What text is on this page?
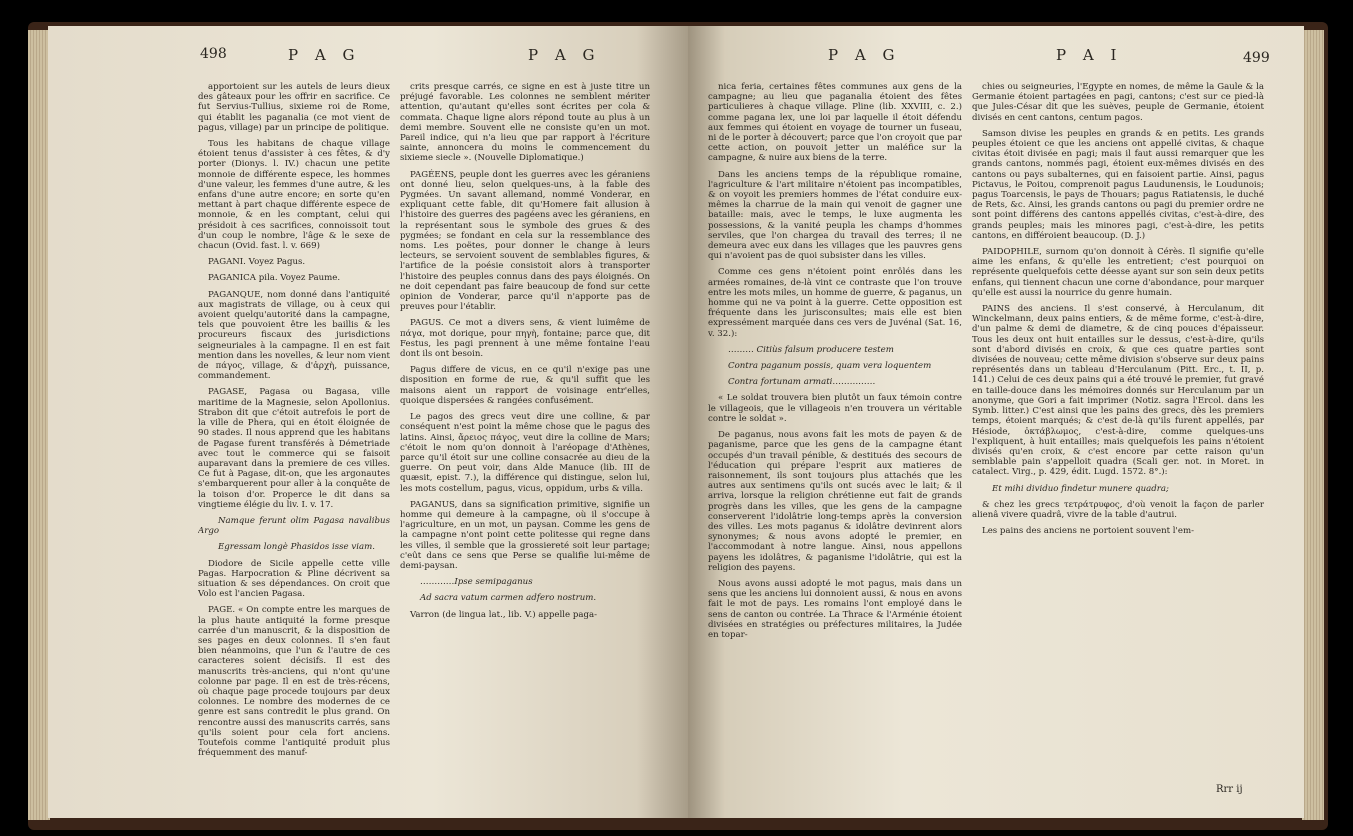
498	P A G	P A G

apportoient sur les autels de leurs dieux des gâteaux pour les offrir en sacrifice. Ce fut Servius-Tullius, sixieme roi de Rome, qui établit les paganalia (ce mot vient de pagus, village) par un principe de politique.

Tous les habitans de chaque village étoient tenus d'assister à ces fêtes, & d'y porter (Dionys. l. IV.) chacun une petite monnoie de différente espece, les hommes d'une valeur, les femmes d'une autre, & les enfans d'une autre encore; en sorte qu'en mettant à part chaque différente espece de monnoie, & en les comptant, celui qui présidoit à ces sacrifices, connoissoit tout d'un coup le nombre, l'âge & le sexe de chacun (Ovid. fast. l. v. 669)

PAGANI. Voyez Pagus.

PAGANICA pila. Voyez Paume.

PAGANQUE, nom donné dans l'antiquité aux magistrats de village, ou à ceux qui avoient quelqu'autorité dans la campagne, tels que pouvoient être les baillis & les procureurs fiscaux des jurisdictions seigneuriales à la campagne. Il en est fait mention dans les novelles, & leur nom vient de πάγος, village, & d'ἀρχὴ, puissance, commandement.

PAGASE, Pagasa ou Bagasa, ville maritime de la Magnesie, selon Apollonius. Strabon dit que c'étoit autrefois le port de la ville de Phera, qui en étoit éloignée de 90 stades. Il nous apprend que les habitans de Pagase furent transférés à Démetriade avec tout le commerce qui se faisoit auparavant dans la premiere de ces villes. Ce fut à Pagase, dit-on, que les argonautes s'embarquerent pour aller à la conquête de la toison d'or. Properce le dit dans sa vingtieme élégie du liv. I. v. 17.

Namque ferunt olim Pagasa navalibus Argo

Egressam longè Phasidos isse viam.

Diodore de Sicile appelle cette ville Pagas. Harpocration & Pline décrivent sa situation & ses dépendances. On croit que Volo est l'ancien Pagasa.

PAGE. « On compte entre les marques de la plus haute antiquité la forme presque carrée d'un manuscrit, & la disposition de ses pages en deux colonnes. Il s'en faut bien néanmoins, que l'un & l'autre de ces caracteres soient décisifs. Il est des manuscrits très-anciens, qui n'ont qu'une colonne par page. Il en est de très-récens, où chaque page procede toujours par deux colonnes. Le nombre des modernes de ce genre est sans contredit le plus grand. On rencontre aussi des manuscrits carrés, sans qu'ils soient pour cela fort anciens. Toutefois comme l'antiquité produit plus fréquemment des manuf-

crits presque carrés, ce signe en est à juste titre un préjugé favorable. Les colonnes ne semblent mériter attention, qu'autant qu'elles sont écrites per cola & commata. Chaque ligne alors répond toute au plus à un demi membre. Souvent elle ne consiste qu'en un mot. Pareil indice, qui n'a lieu que par rapport à l'écriture sainte, annoncera du moins le commencement du sixieme siecle ». (Nouvelle Diplomatique.)

PAGÉENS, peuple dont les guerres avec les géraniens ont donné lieu, selon quelques-uns, à la fable des Pygmées. Un savant allemand, nommé Vonderar, en expliquant cette fable, dit qu'Homere fait allusion à l'histoire des guerres des pagéens avec les géraniens, en la représentant sous le symbole des grues & des pygmées; se fondant en cela sur la ressemblance des noms. Les poëtes, pour donner le change à leurs lecteurs, se servoient souvent de semblables figures, & l'artifice de la poésie consistoit alors à transporter l'histoire des peuples connus dans des pays éloignés. On ne doit cependant pas faire beaucoup de fond sur cette opinion de Vonderar, parce qu'il n'apporte pas de preuves pour l'établir.

PAGUS. Ce mot a divers sens, & vient luimême de πάγα, mot dorique, pour πηγὴ, fontaine; parce que, dit Festus, les pagi prennent à une même fontaine l'eau dont ils ont besoin.

Pagus differe de vicus, en ce qu'il n'exige pas une disposition en forme de rue, & qu'il suffit que les maisons aient un rapport de voisinage entr'elles, quoique dispersées & rangées confusément.

Le pagos des grecs veut dire une colline, & par conséquent n'est point la même chose que le pagus des latins. Ainsi, ἄρειος πάγος, veut dire la colline de Mars; c'étoit le nom qu'on donnoit à l'aréopage d'Athènes, parce qu'il étoit sur une colline consacrée au dieu de la guerre. On peut voir, dans Alde Manuce (lib. III de quæsit, epist. 7.), la différence qui distingue, selon lui, les mots costellum, pagus, vicus, oppidum, urbs & villa.

PAGANUS, dans sa signification primitive, signifie un homme qui demeure à la campagne, où il s'occupe à l'agriculture, en un mot, un paysan. Comme les gens de la campagne n'ont point cette politesse qui regne dans les villes, il semble que la grossiereté soit leur partage; c'eût dans ce sens que Perse se qualifie lui-même de demi-paysan.

…………Ipse semipaganus

Ad sacra vatum carmen adfero nostrum.

Varron (de lingua lat., lib. V.) appelle paga-

P A G	P A I	499

nica feria, certaines fêtes communes aux gens de la campagne; au lieu que paganalia étoient des fêtes particulieres à chaque village. Pline (lib. XXVIII, c. 2.) comme pagana lex, une loi par laquelle il étoit défendu aux femmes qui étoient en voyage de tourner un fuseau, ni de le porter à découvert; parce que l'on croyoit que par cette action, on pouvoit jetter un maléfice sur la campagne, & nuire aux biens de la terre.

Dans les anciens temps de la république romaine, l'agriculture & l'art militaire n'étoient pas incompatibles, & on voyoit les premiers hommes de l'état conduire eux-mêmes la charrue de la main qui venoit de gagner une bataille: mais, avec le temps, le luxe augmenta les possessions, & la vanité peupla les champs d'hommes serviles, que l'on chargea du travail des terres; il ne demeura avec eux dans les villages que les pauvres gens qui n'avoient pas de quoi subsister dans les villes.

Comme ces gens n'étoient point enrôlés dans les armées romaines, de-là vint ce contraste que l'on trouve entre les mots miles, un homme de guerre, & paganus, un homme qui ne va point à la guerre. Cette opposition est fréquente dans les jurisconsultes; mais elle est bien expressément marquée dans ces vers de Juvénal (Sat. 16, v. 32.):

……… Citiùs falsum producere testem

Contra paganum possis, quam vera loquentem

Contra fortunam armati……………

« Le soldat trouvera bien plutôt un faux témoin contre le villageois, que le villageois n'en trouvera un véritable contre le soldat ».

De paganus, nous avons fait les mots de payen & de paganisme, parce que les gens de la campagne étant occupés d'un travail pénible, & destitués des secours de l'éducation qui prépare l'esprit aux matieres de raisonnement, ils sont toujours plus attachés que les autres aux sentimens qu'ils ont sucés avec le lait; & il arriva, lorsque la religion chrétienne eut fait de grands progrès dans les villes, que les gens de la campagne conserverent l'idolâtrie long-temps après la conversion des villes. Les mots paganus & idolâtre devinrent alors synonymes; & nous avons adopté le premier, en l'accommodant à notre langue. Ainsi, nous appellons payens les idolâtres, & paganisme l'idolâtrie, qui est la religion des payens.

Nous avons aussi adopté le mot pagus, mais dans un sens que les anciens lui donnoient aussi, & nous en avons fait le mot de pays. Les romains l'ont employé dans le sens de canton ou contrée. La Thrace & l'Arménie étoient divisées en stratégies ou préfectures militaires, la Judée en topar-

chies ou seigneuries, l'Egypte en nomes, de même la Gaule & la Germanie étoient partagées en pagi, cantons; c'est sur ce pied-là que Jules-César dit que les suèves, peuple de Germanie, étoient divisés en cent cantons, centum pagos.

Samson divise les peuples en grands & en petits. Les grands peuples étoient ce que les anciens ont appellé civitas, & chaque civitas étoit divisée en pagi; mais il faut aussi remarquer que les grands cantons, nommés pagi, étoient eux-mêmes divisés en des cantons ou pays subalternes, qui en faisoient partie. Ainsi, pagus Pictavus, le Poitou, comprenoit pagus Laudunensis, le Loudunois; pagus Toarcensis, le pays de Thouars; pagus Ratiatensis, le duché de Rets, &c. Ainsi, les grands cantons ou pagi du premier ordre ne sont point différens des cantons appellés civitas, c'est-à-dire, des grands peuples; mais les minores pagi, c'est-à-dire, les petits cantons, en différoient beaucoup. (D. J.)

PAIDOPHILE, surnom qu'on donnoit à Cérès. Il signifie qu'elle aime les enfans, & qu'elle les entretient; c'est pourquoi on représente quelquefois cette déesse ayant sur son sein deux petits enfans, qui tiennent chacun une corne d'abondance, pour marquer qu'elle est aussi la nourrice du genre humain.

PAINS des anciens. Il s'est conservé, à Herculanum, dit Winckelmann, deux pains entiers, & de même forme, c'est-à-dire, d'un palme & demi de diametre, & de cinq pouces d'épaisseur. Tous les deux ont huit entailles sur le dessus, c'est-à-dire, qu'ils sont d'abord divisés en croix, & que ces quatre parties sont divisées de nouveau; cette même division s'observe sur deux pains représentés dans un tableau d'Herculanum (Pitt. Erc., t. II, p. 141.) Celui de ces deux pains qui a été trouvé le premier, fut gravé en taille-douce dans les mémoires donnés sur Herculanum par un anonyme, que Gori a fait imprimer (Notiz. sagra l'Ercol. dans les Symb. litter.) C'est ainsi que les pains des grecs, dès les premiers temps, étoient marqués; & c'est de-là qu'ils furent appellés, par Hésiode, ὀκτάβλωμος, c'est-à-dire, comme quelques-uns l'expliquent, à huit entailles; mais quelquefois les pains n'étoient divisés qu'en croix, & c'est encore par cette raison qu'un semblable pain s'appelloit quadra (Scali ger. not. in Moret. in catalect. Virg., p. 429, édit. Lugd. 1572. 8°.):

Et mihi dividuo findetur munere quadra;

& chez les grecs τετράτρυφος, d'où venoit la façon de parler alienâ vivere quadrâ, vivre de la table d'autrui.

Les pains des anciens ne portoient souvent l'em-

Rrr ij
